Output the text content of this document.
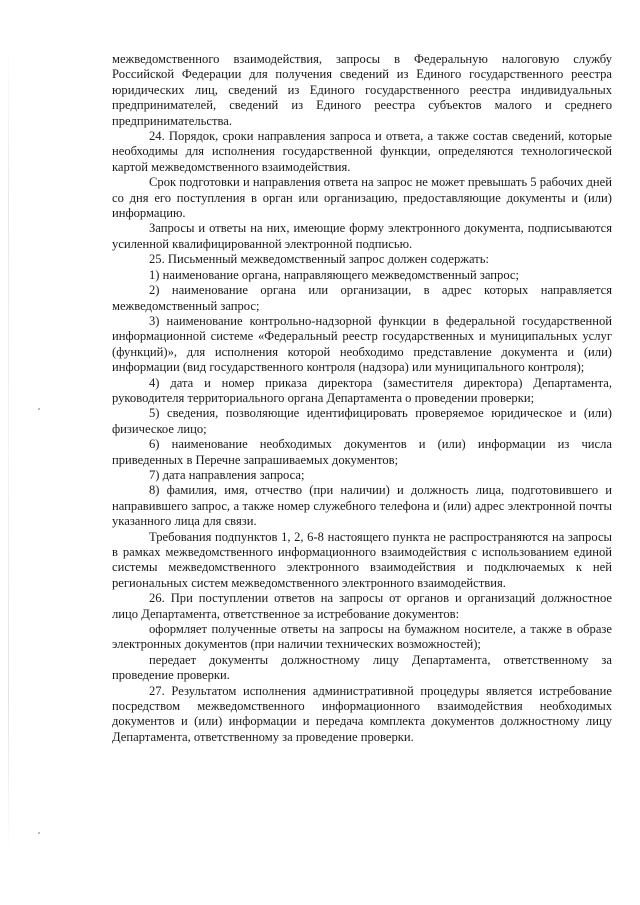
межведомственного взаимодействия, запросы в Федеральную налоговую службу Российской Федерации для получения сведений из Единого государственного реестра юридических лиц, сведений из Единого государственного реестра индивидуальных предпринимателей, сведений из Единого реестра субъектов малого и среднего предпринимательства.

24. Порядок, сроки направления запроса и ответа, а также состав сведений, которые необходимы для исполнения государственной функции, определяются технологической картой межведомственного взаимодействия.

Срок подготовки и направления ответа на запрос не может превышать 5 рабочих дней со дня его поступления в орган или организацию, предоставляющие документы и (или) информацию.

Запросы и ответы на них, имеющие форму электронного документа, подписываются усиленной квалифицированной электронной подписью.

25. Письменный межведомственный запрос должен содержать:

1) наименование органа, направляющего межведомственный запрос;

2) наименование органа или организации, в адрес которых направляется межведомственный запрос;

3) наименование контрольно-надзорной функции в федеральной государственной информационной системе «Федеральный реестр государственных и муниципальных услуг (функций)», для исполнения которой необходимо представление документа и (или) информации (вид государственного контроля (надзора) или муниципального контроля);

4) дата и номер приказа директора (заместителя директора) Департамента, руководителя территориального органа Департамента о проведении проверки;

5) сведения, позволяющие идентифицировать проверяемое юридическое и (или) физическое лицо;

6) наименование необходимых документов и (или) информации из числа приведенных в Перечне запрашиваемых документов;

7) дата направления запроса;

8) фамилия, имя, отчество (при наличии) и должность лица, подготовившего и направившего запрос, а также номер служебного телефона и (или) адрес электронной почты указанного лица для связи.

Требования подпунктов 1, 2, 6-8 настоящего пункта не распространяются на запросы в рамках межведомственного информационного взаимодействия с использованием единой системы межведомственного электронного взаимодействия и подключаемых к ней региональных систем межведомственного электронного взаимодействия.

26. При поступлении ответов на запросы от органов и организаций должностное лицо Департамента, ответственное за истребование документов:

оформляет полученные ответы на запросы на бумажном носителе, а также в образе электронных документов (при наличии технических возможностей);

передает документы должностному лицу Департамента, ответственному за проведение проверки.

27. Результатом исполнения административной процедуры является истребование посредством межведомственного информационного взаимодействия необходимых документов и (или) информации и передача комплекта документов должностному лицу Департамента, ответственному за проведение проверки.
